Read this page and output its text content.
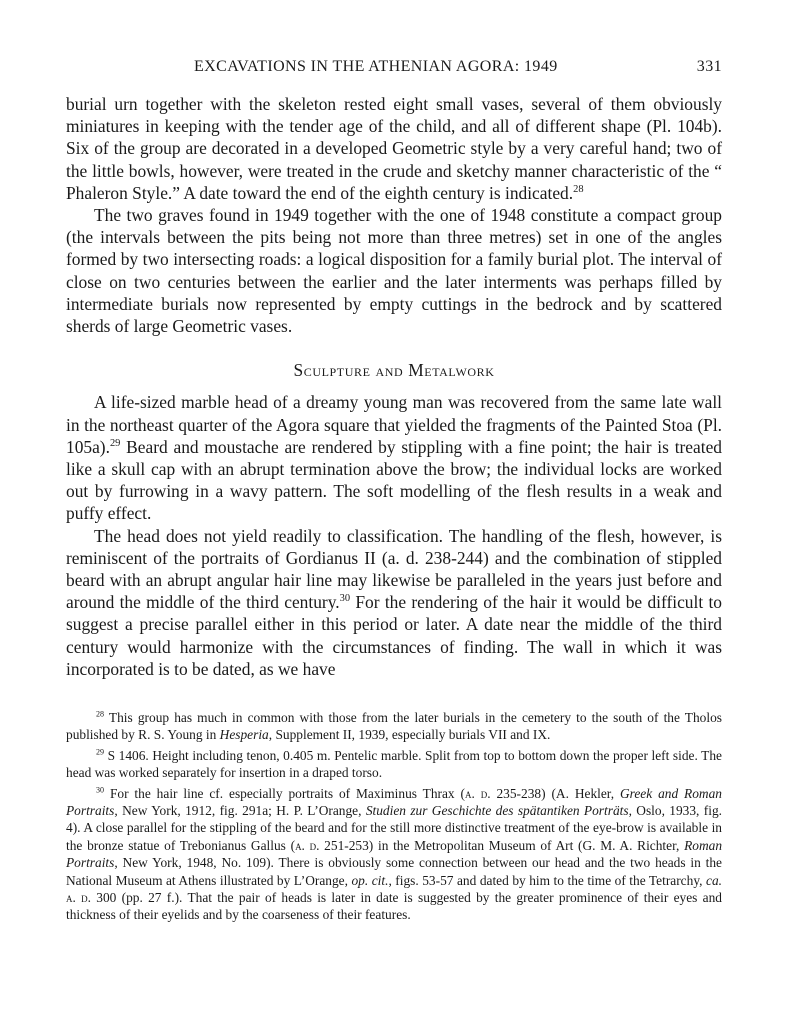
EXCAVATIONS IN THE ATHENIAN AGORA: 1949	331

burial urn together with the skeleton rested eight small vases, several of them obviously miniatures in keeping with the tender age of the child, and all of different shape (Pl. 104b). Six of the group are decorated in a developed Geometric style by a very careful hand; two of the little bowls, however, were treated in the crude and sketchy manner characteristic of the “ Phaleron Style.” A date toward the end of the eighth century is indicated.$^{28}$

The two graves found in 1949 together with the one of 1948 constitute a compact group (the intervals between the pits being not more than three metres) set in one of the angles formed by two intersecting roads: a logical disposition for a family burial plot. The interval of close on two centuries between the earlier and the later interments was perhaps filled by intermediate burials now represented by empty cuttings in the bedrock and by scattered sherds of large Geometric vases.

Sculpture and Metalwork

A life-sized marble head of a dreamy young man was recovered from the same late wall in the northeast quarter of the Agora square that yielded the fragments of the Painted Stoa (Pl. 105a).$^{29}$ Beard and moustache are rendered by stippling with a fine point; the hair is treated like a skull cap with an abrupt termination above the brow; the individual locks are worked out by furrowing in a wavy pattern. The soft modelling of the flesh results in a weak and puffy effect.

The head does not yield readily to classification. The handling of the flesh, however, is reminiscent of the portraits of Gordianus II (a. d. 238-244) and the combination of stippled beard with an abrupt angular hair line may likewise be paralleled in the years just before and around the middle of the third century.$^{30}$ For the rendering of the hair it would be difficult to suggest a precise parallel either in this period or later. A date near the middle of the third century would harmonize with the circumstances of finding. The wall in which it was incorporated is to be dated, as we have

$^{28}$ This group has much in common with those from the later burials in the cemetery to the south of the Tholos published by R. S. Young in Hesperia, Supplement II, 1939, especially burials VII and IX.

$^{29}$ S 1406. Height including tenon, 0.405 m. Pentelic marble. Split from top to bottom down the proper left side. The head was worked separately for insertion in a draped torso.

$^{30}$ For the hair line cf. especially portraits of Maximinus Thrax (a. d. 235-238) (A. Hekler, Greek and Roman Portraits, New York, 1912, fig. 291a; H. P. L’Orange, Studien zur Geschichte des spätantiken Porträts, Oslo, 1933, fig. 4). A close parallel for the stippling of the beard and for the still more distinctive treatment of the eye-brow is available in the bronze statue of Trebonianus Gallus (a. d. 251-253) in the Metropolitan Museum of Art (G. M. A. Richter, Roman Portraits, New York, 1948, No. 109). There is obviously some connection between our head and the two heads in the National Museum at Athens illustrated by L’Orange, op. cit., figs. 53-57 and dated by him to the time of the Tetrarchy, ca. a. d. 300 (pp. 27 f.). That the pair of heads is later in date is suggested by the greater prominence of their eyes and thickness of their eyelids and by the coarseness of their features.
